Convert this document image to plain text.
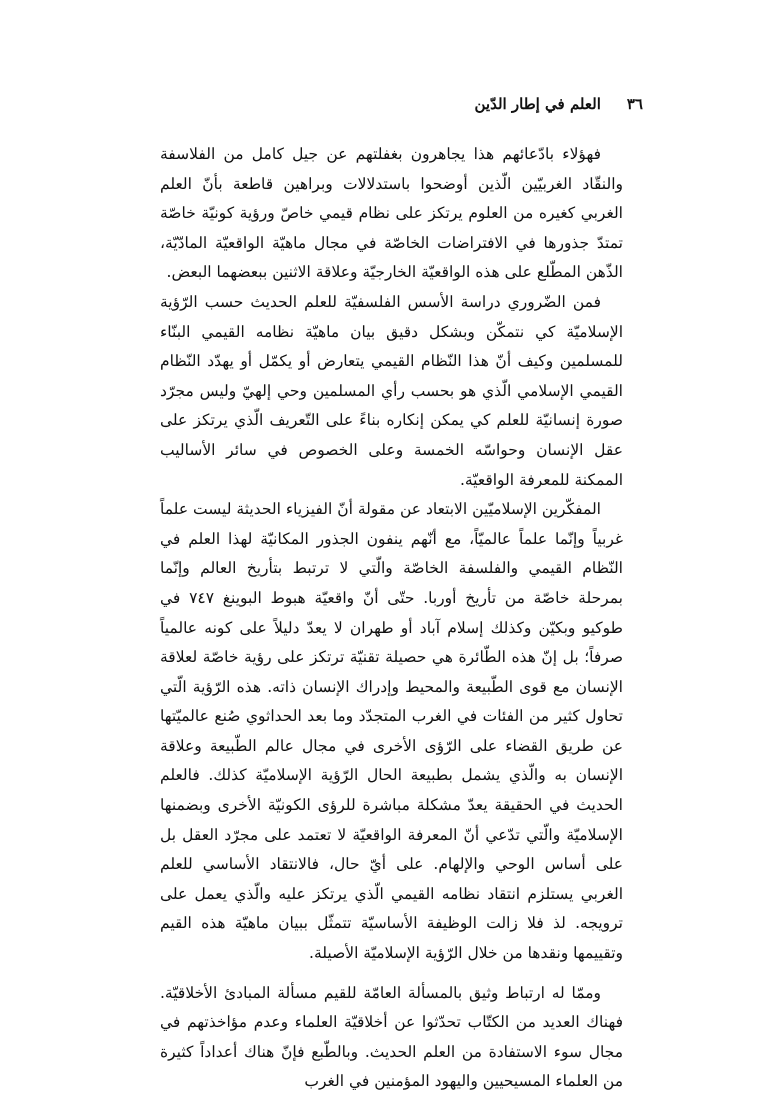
٣٦
العلم في إطار الدّين

فهؤلاء بادّعائهم هذا يجاهرون بغفلتهم عن جيل كامل من الفلاسفة والنقّاد الغربيّين الّذين أوضحوا باستدلالات وبراهين قاطعة بأنّ العلم الغربي كغيره من العلوم يرتكز على نظام قيمي خاصّ ورؤية كونيّة خاصّة تمتدّ جذورها في الافتراضات الخاصّة في مجال ماهيّة الواقعيّة المادّيّة، الذّهن المطّلع على هذه الواقعيّة الخارجيّة وعلاقة الاثنين ببعضهما البعض.

فمن الضّروري دراسة الأسس الفلسفيّة للعلم الحديث حسب الرّؤية الإسلاميّة كي نتمكّن وبشكل دقيق بيان ماهيّة نظامه القيمي البنّاء للمسلمين وكيف أنّ هذا النّظام القيمي يتعارض أو يكمّل أو يهدّد النّظام القيمي الإسلامي الّذي هو بحسب رأي المسلمين وحي إلهيّ وليس مجرّد صورة إنسانيّة للعلم كي يمكن إنكاره بناءً على التّعريف الّذي يرتكز على عقل الإنسان وحواسّه الخمسة وعلى الخصوص في سائر الأساليب الممكنة للمعرفة الواقعيّة.

المفكّرين الإسلاميّين الابتعاد عن مقولة أنّ الفيزياء الحديثة ليست علماً غربياً وإنّما علماً عالميّاً، مع أنّهم ينفون الجذور المكانيّة لهذا العلم في النّظام القيمي والفلسفة الخاصّة والّتي لا ترتبط بتأريخ العالم وإنّما بمرحلة خاصّة من تأريخ أوربا. حتّى أنّ واقعيّة هبوط البوينغ ٧٤٧ في طوكيو وبكيّن وكذلك إسلام آباد أو طهران لا يعدّ دليلاً على كونه عالمياً صرفاً؛ بل إنّ هذه الطّائرة هي حصيلة تقنيّة ترتكز على رؤية خاصّة لعلاقة الإنسان مع قوى الطّبيعة والمحيط وإدراك الإنسان ذاته. هذه الرّؤية الّتي تحاول كثير من الفئات في الغرب المتجدّد وما بعد الحداثوي صُنع عالميّتها عن طريق القضاء على الرّؤى الأخرى في مجال عالم الطّبيعة وعلاقة الإنسان به والّذي يشمل بطبيعة الحال الرّؤية الإسلاميّة كذلك. فالعلم الحديث في الحقيقة يعدّ مشكلة مباشرة للرؤى الكونيّة الأخرى وبضمنها الإسلاميّة والّتي تدّعي أنّ المعرفة الواقعيّة لا تعتمد على مجرّد العقل بل على أساس الوحي والإلهام. على أيّ حال، فالانتقاد الأساسي للعلم الغربي يستلزم انتقاد نظامه القيمي الّذي يرتكز عليه والّذي يعمل على ترويجه. لذ فلا زالت الوظيفة الأساسيّة تتمثّل ببيان ماهيّة هذه القيم وتقييمها ونقدها من خلال الرّؤية الإسلاميّة الأصيلة.

وممّا له ارتباط وثيق بالمسألة العامّة للقيم مسألة المبادئ الأخلاقيّة. فهناك العديد من الكتّاب تحدّثوا عن أخلاقيّة العلماء وعدم مؤاخذتهم في مجال سوء الاستفادة من العلم الحديث. وبالطّبع فإنّ هناك أعداداً كثيرة من العلماء المسيحيين واليهود المؤمنين في الغرب
